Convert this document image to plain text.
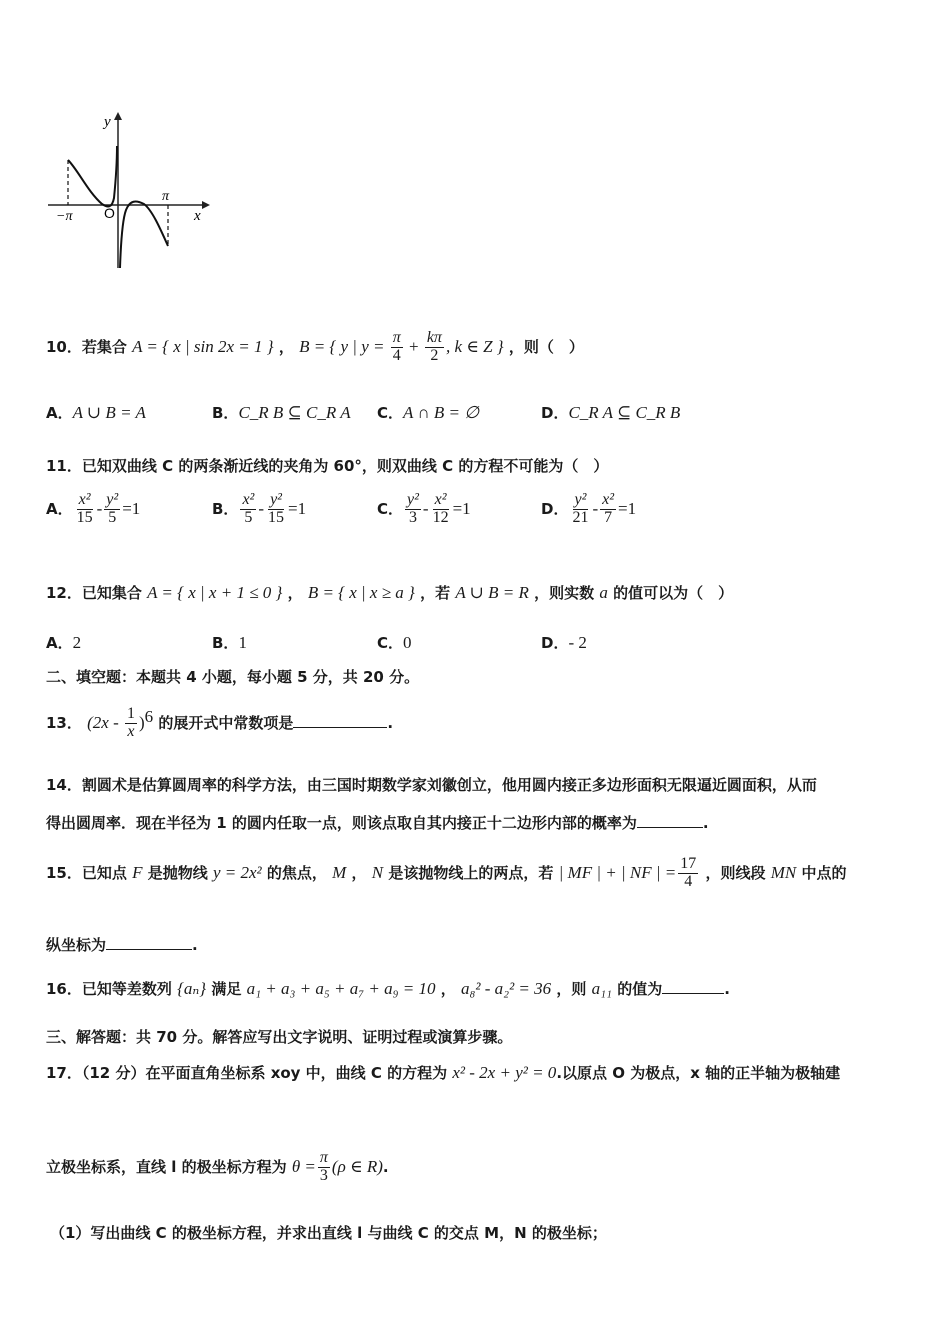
y
x
O
−π
π
10．若集合 A = { x | sin 2x = 1 } ， B = { y | $y = \frac{\pi}{4} + \frac{k\pi}{2}$ , k ∈ Z } ，则（　）
A．A ∪ B = A	B．C_R B ⊆ C_R A C．A ∩ B = ∅	D．C_R A ⊆ C_R B
11．已知双曲线 C 的两条渐近线的夹角为 60°，则双曲线 C 的方程不可能为（　）
A． $\frac{\text{x²}}{15} - \frac{\text{y²}}{5} =1$	B． $\frac{\text{x²}}{5} - \frac{\text{y²}}{15} =1$	C． $\frac{\text{y²}}{3} - \frac{\text{x²}}{12} =1$	D． $\frac{\text{y²}}{21} - \frac{\text{x²}}{7} =1$
12．已知集合 A = { x | x + 1 ≤ 0 } ， B = { x | x ≥ a } ，若 A ∪ B = R ，则实数 a 的值可以为（　）
A．2	B．1	C．0	D．- 2
二、填空题：本题共 4 小题，每小题 5 分，共 20 分。
13． $(2x - \frac{1}{x} )^6$ 的展开式中常数项是	.
14．割圆术是估算圆周率的科学方法，由三国时期数学家刘徽创立，他用圆内接正多边形面积无限逼近圆面积，从而
得出圆周率．现在半径为 1 的圆内任取一点，则该点取自其内接正十二边形内部的概率为	.
15．已知点 F 是抛物线 y = 2x² 的焦点， M ， N 是该抛物线上的两点，若 | MF | + | NF | = $\frac{17}{4}$ ，则线段 MN 中点的
纵坐标为	.
16．已知等差数列 {aₙ} 满足 a₁ + a₃ + a₅ + a₇ + a₉ = 10 ， a₈² - a₂² = 36 ，则 a₁₁ 的值为	.
三、解答题：共 70 分。解答应写出文字说明、证明过程或演算步骤。
17．（12 分）在平面直角坐标系 xoy 中，曲线 C 的方程为 x² - 2x + y² = 0.以原点 O 为极点，x 轴的正半轴为极轴建
立极坐标系，直线 l 的极坐标方程为 $\theta = \frac{\pi}{3} (\rho$ ∈ R).
（1）写出曲线 C 的极坐标方程，并求出直线 l 与曲线 C 的交点 M，N 的极坐标；
